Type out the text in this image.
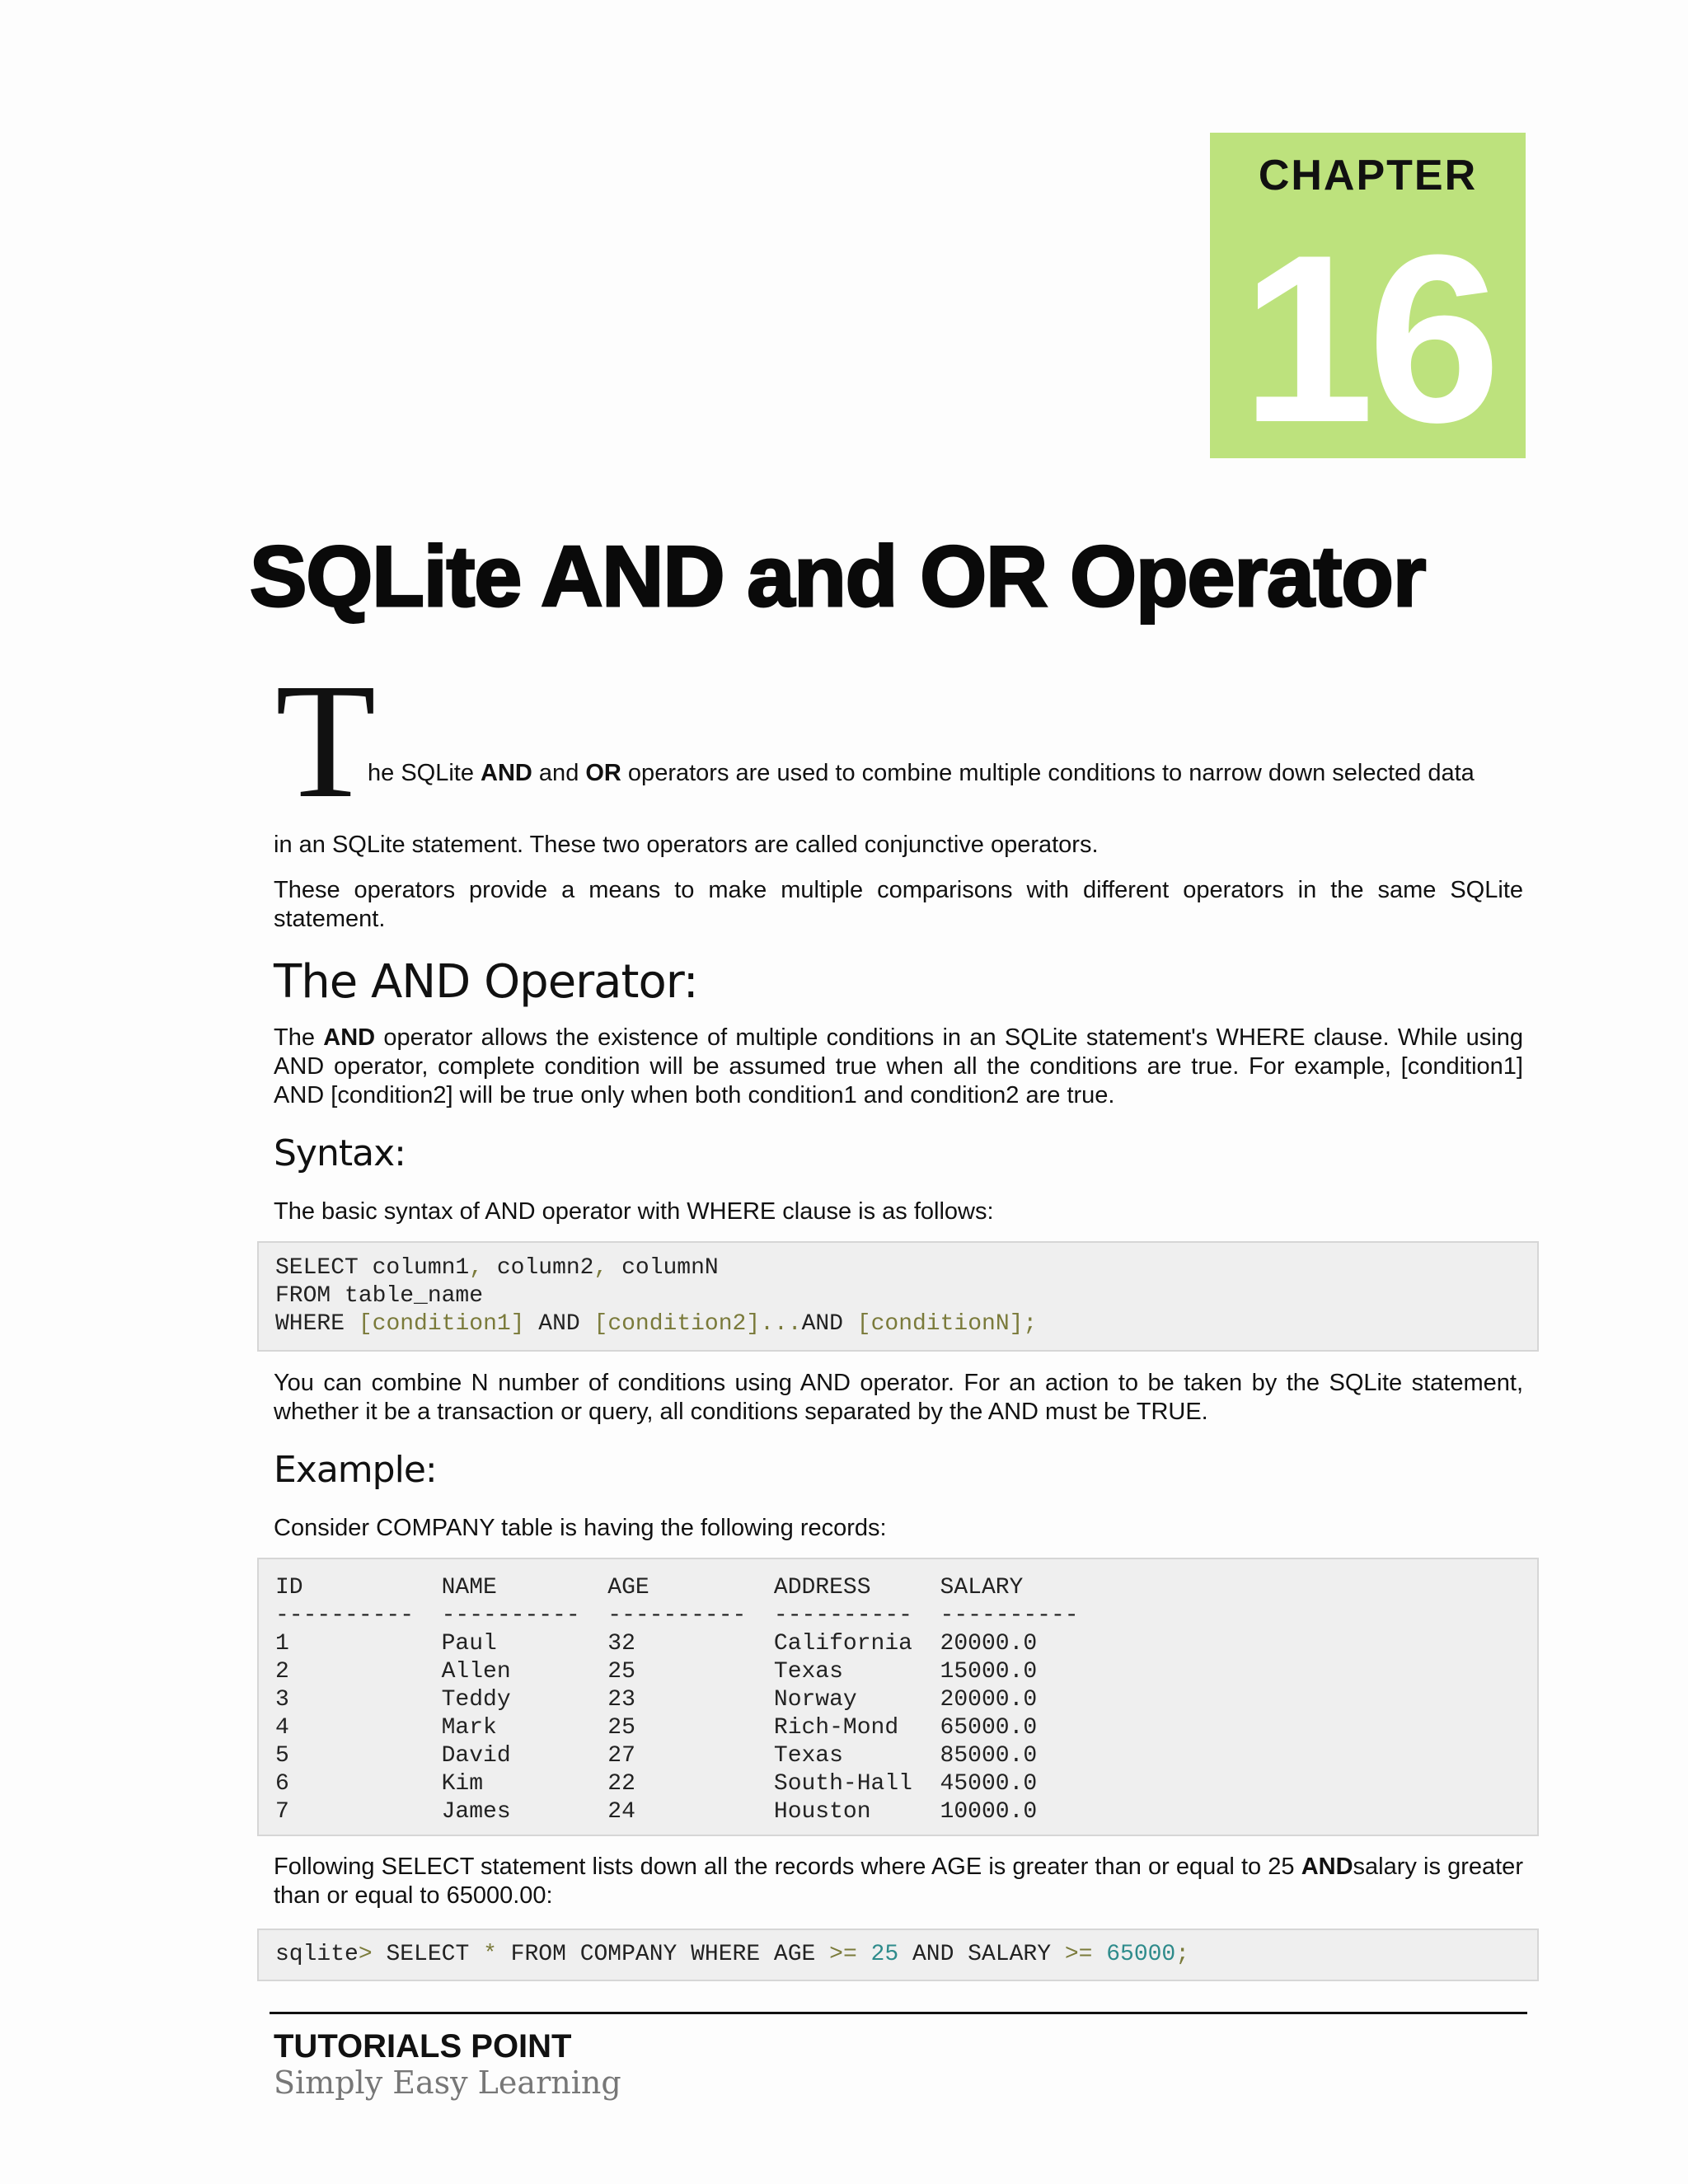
CHAPTER
16
SQLite AND and OR Operator
T
he SQLite AND and OR operators are used to combine multiple conditions to narrow down selected data
in an SQLite statement. These two operators are called conjunctive operators.
These operators provide a means to make multiple comparisons with different operators in the same SQLite statement.
The AND Operator:
The AND operator allows the existence of multiple conditions in an SQLite statement's WHERE clause. While using AND operator, complete condition will be assumed true when all the conditions are true. For example, [condition1] AND [condition2] will be true only when both condition1 and condition2 are true.
Syntax:
The basic syntax of AND operator with WHERE clause is as follows:
SELECT column1, column2, columnN
FROM table_name
WHERE [condition1] AND [condition2]...AND [conditionN];
You can combine N number of conditions using AND operator. For an action to be taken by the SQLite statement, whether it be a transaction or query, all conditions separated by the AND must be TRUE.
Example:
Consider COMPANY table is having the following records:
ID          NAME        AGE         ADDRESS     SALARY
----------  ----------  ----------  ----------  ----------
1           Paul        32          California  20000.0
2           Allen       25          Texas       15000.0
3           Teddy       23          Norway      20000.0
4           Mark        25          Rich-Mond   65000.0
5           David       27          Texas       85000.0
6           Kim         22          South-Hall  45000.0
7           James       24          Houston     10000.0
Following SELECT statement lists down all the records where AGE is greater than or equal to 25 ANDsalary is greater than or equal to 65000.00:
sqlite> SELECT * FROM COMPANY WHERE AGE >= 25 AND SALARY >= 65000;
TUTORIALS POINT
Simply Easy Learning
